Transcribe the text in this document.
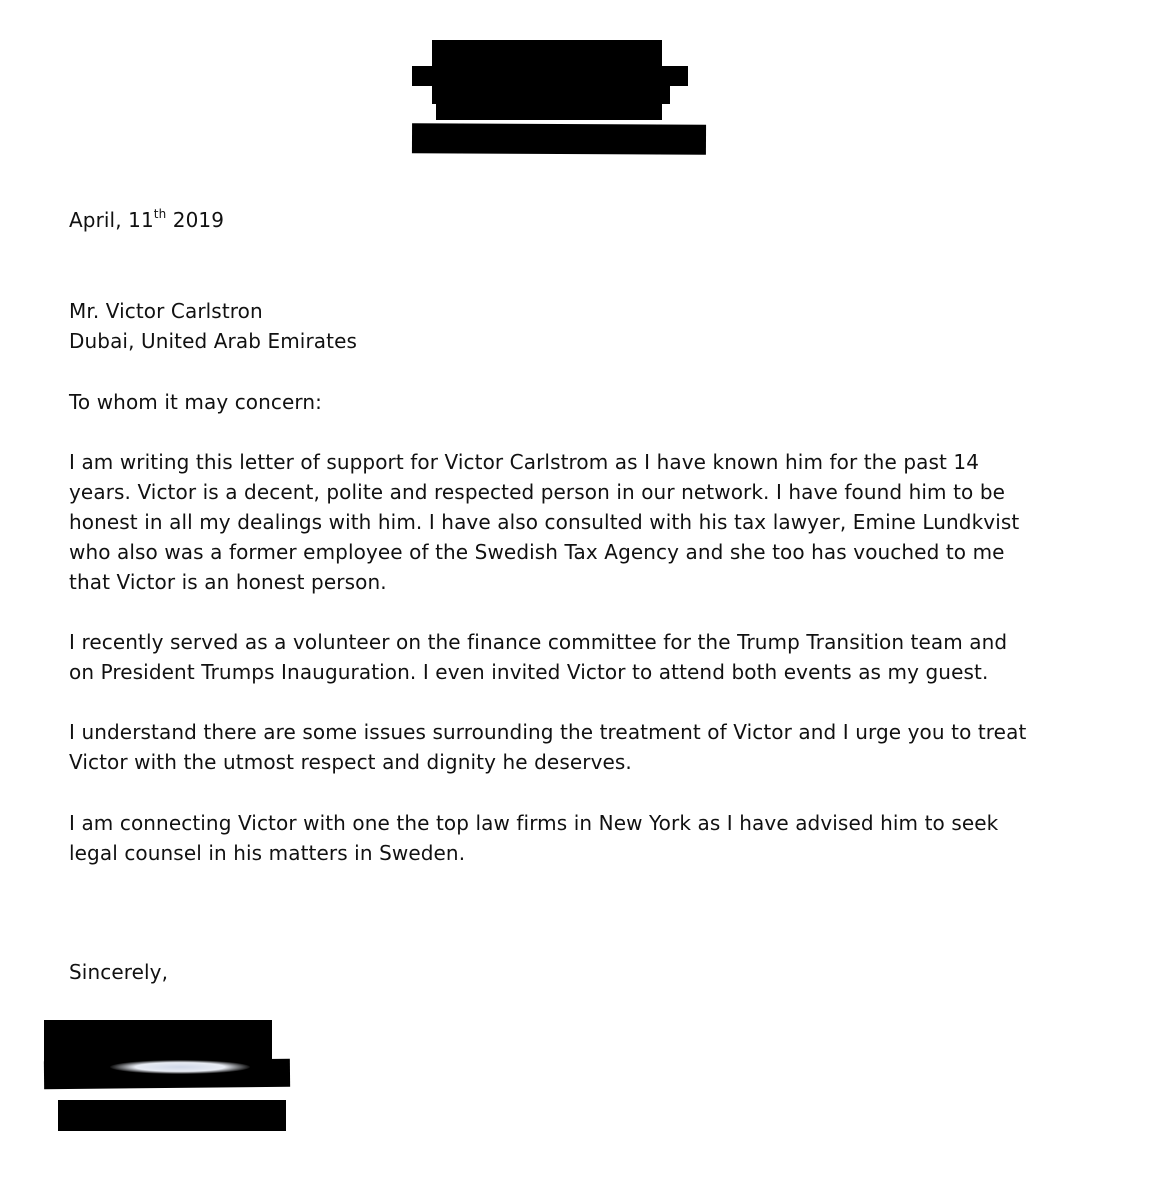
April, 11th 2019
Mr. Victor Carlstron
Dubai, United Arab Emirates
To whom it may concern:
I am writing this letter of support for Victor Carlstrom as I have known him for the past 14
years. Victor is a decent, polite and respected person in our network. I have found him to be
honest in all my dealings with him. I have also consulted with his tax lawyer, Emine Lundkvist
who also was a former employee of the Swedish Tax Agency and she too has vouched to me
that Victor is an honest person.
I recently served as a volunteer on the finance committee for the Trump Transition team and
on President Trumps Inauguration. I even invited Victor to attend both events as my guest.
I understand there are some issues surrounding the treatment of Victor and I urge you to treat
Victor with the utmost respect and dignity he deserves.
I am connecting Victor with one the top law firms in New York as I have advised him to seek
legal counsel in his matters in Sweden.
Sincerely,
